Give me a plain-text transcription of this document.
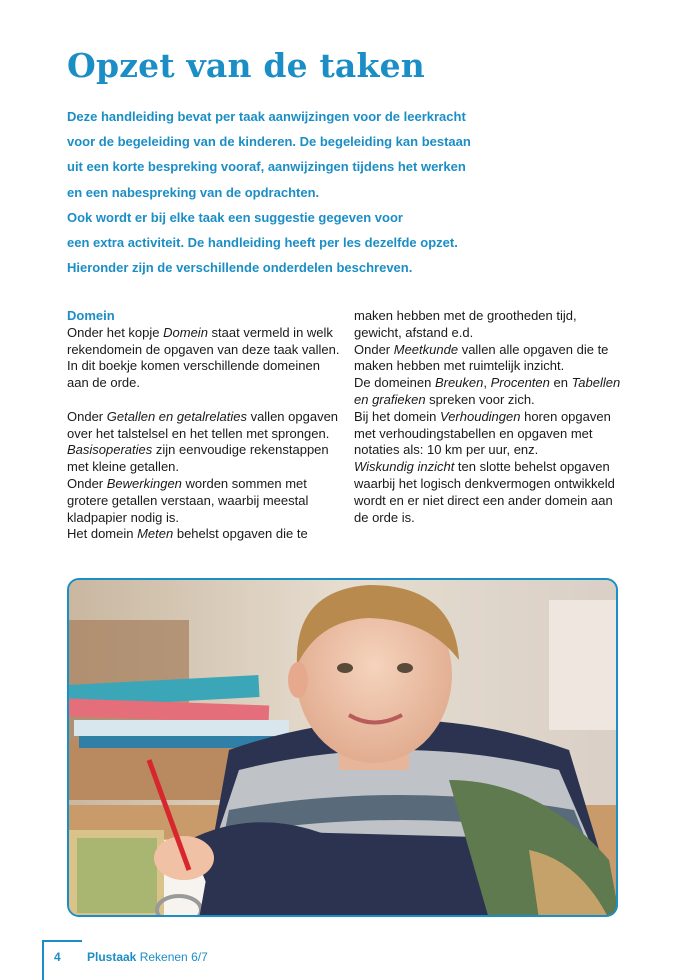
Opzet van de taken
Deze handleiding bevat per taak aanwijzingen voor de leerkracht
voor de begeleiding van de kinderen. De begeleiding kan bestaan
uit een korte bespreking vooraf, aanwijzingen tijdens het werken
en een nabespreking van de opdrachten.
Ook wordt er bij elke taak een suggestie gegeven voor
een extra activiteit. De handleiding heeft per les dezelfde opzet.
Hieronder zijn de verschillende onderdelen beschreven.
Domein
Onder het kopje Domein staat vermeld in welk
rekendomein de opgaven van deze taak vallen.
In dit boekje komen verschillende domeinen
aan de orde.
Onder Getallen en getalrelaties vallen opgaven
over het talstelsel en het tellen met sprongen.
Basisoperaties zijn eenvoudige rekenstappen
met kleine getallen.
Onder Bewerkingen worden sommen met
grotere getallen verstaan, waarbij meestal
kladpapier nodig is.
Het domein Meten behelst opgaven die te
maken hebben met de grootheden tijd,
gewicht, afstand e.d.
Onder Meetkunde vallen alle opgaven die te
maken hebben met ruimtelijk inzicht.
De domeinen Breuken, Procenten en Tabellen
en grafieken spreken voor zich.
Bij het domein Verhoudingen horen opgaven
met verhoudingstabellen en opgaven met
notaties als: 10 km per uur, enz.
Wiskundig inzicht ten slotte behelst opgaven
waarbij het logisch denkvermogen ontwikkeld
wordt en er niet direct een ander domein aan
de orde is.
4 Plustaak Rekenen 6/7
